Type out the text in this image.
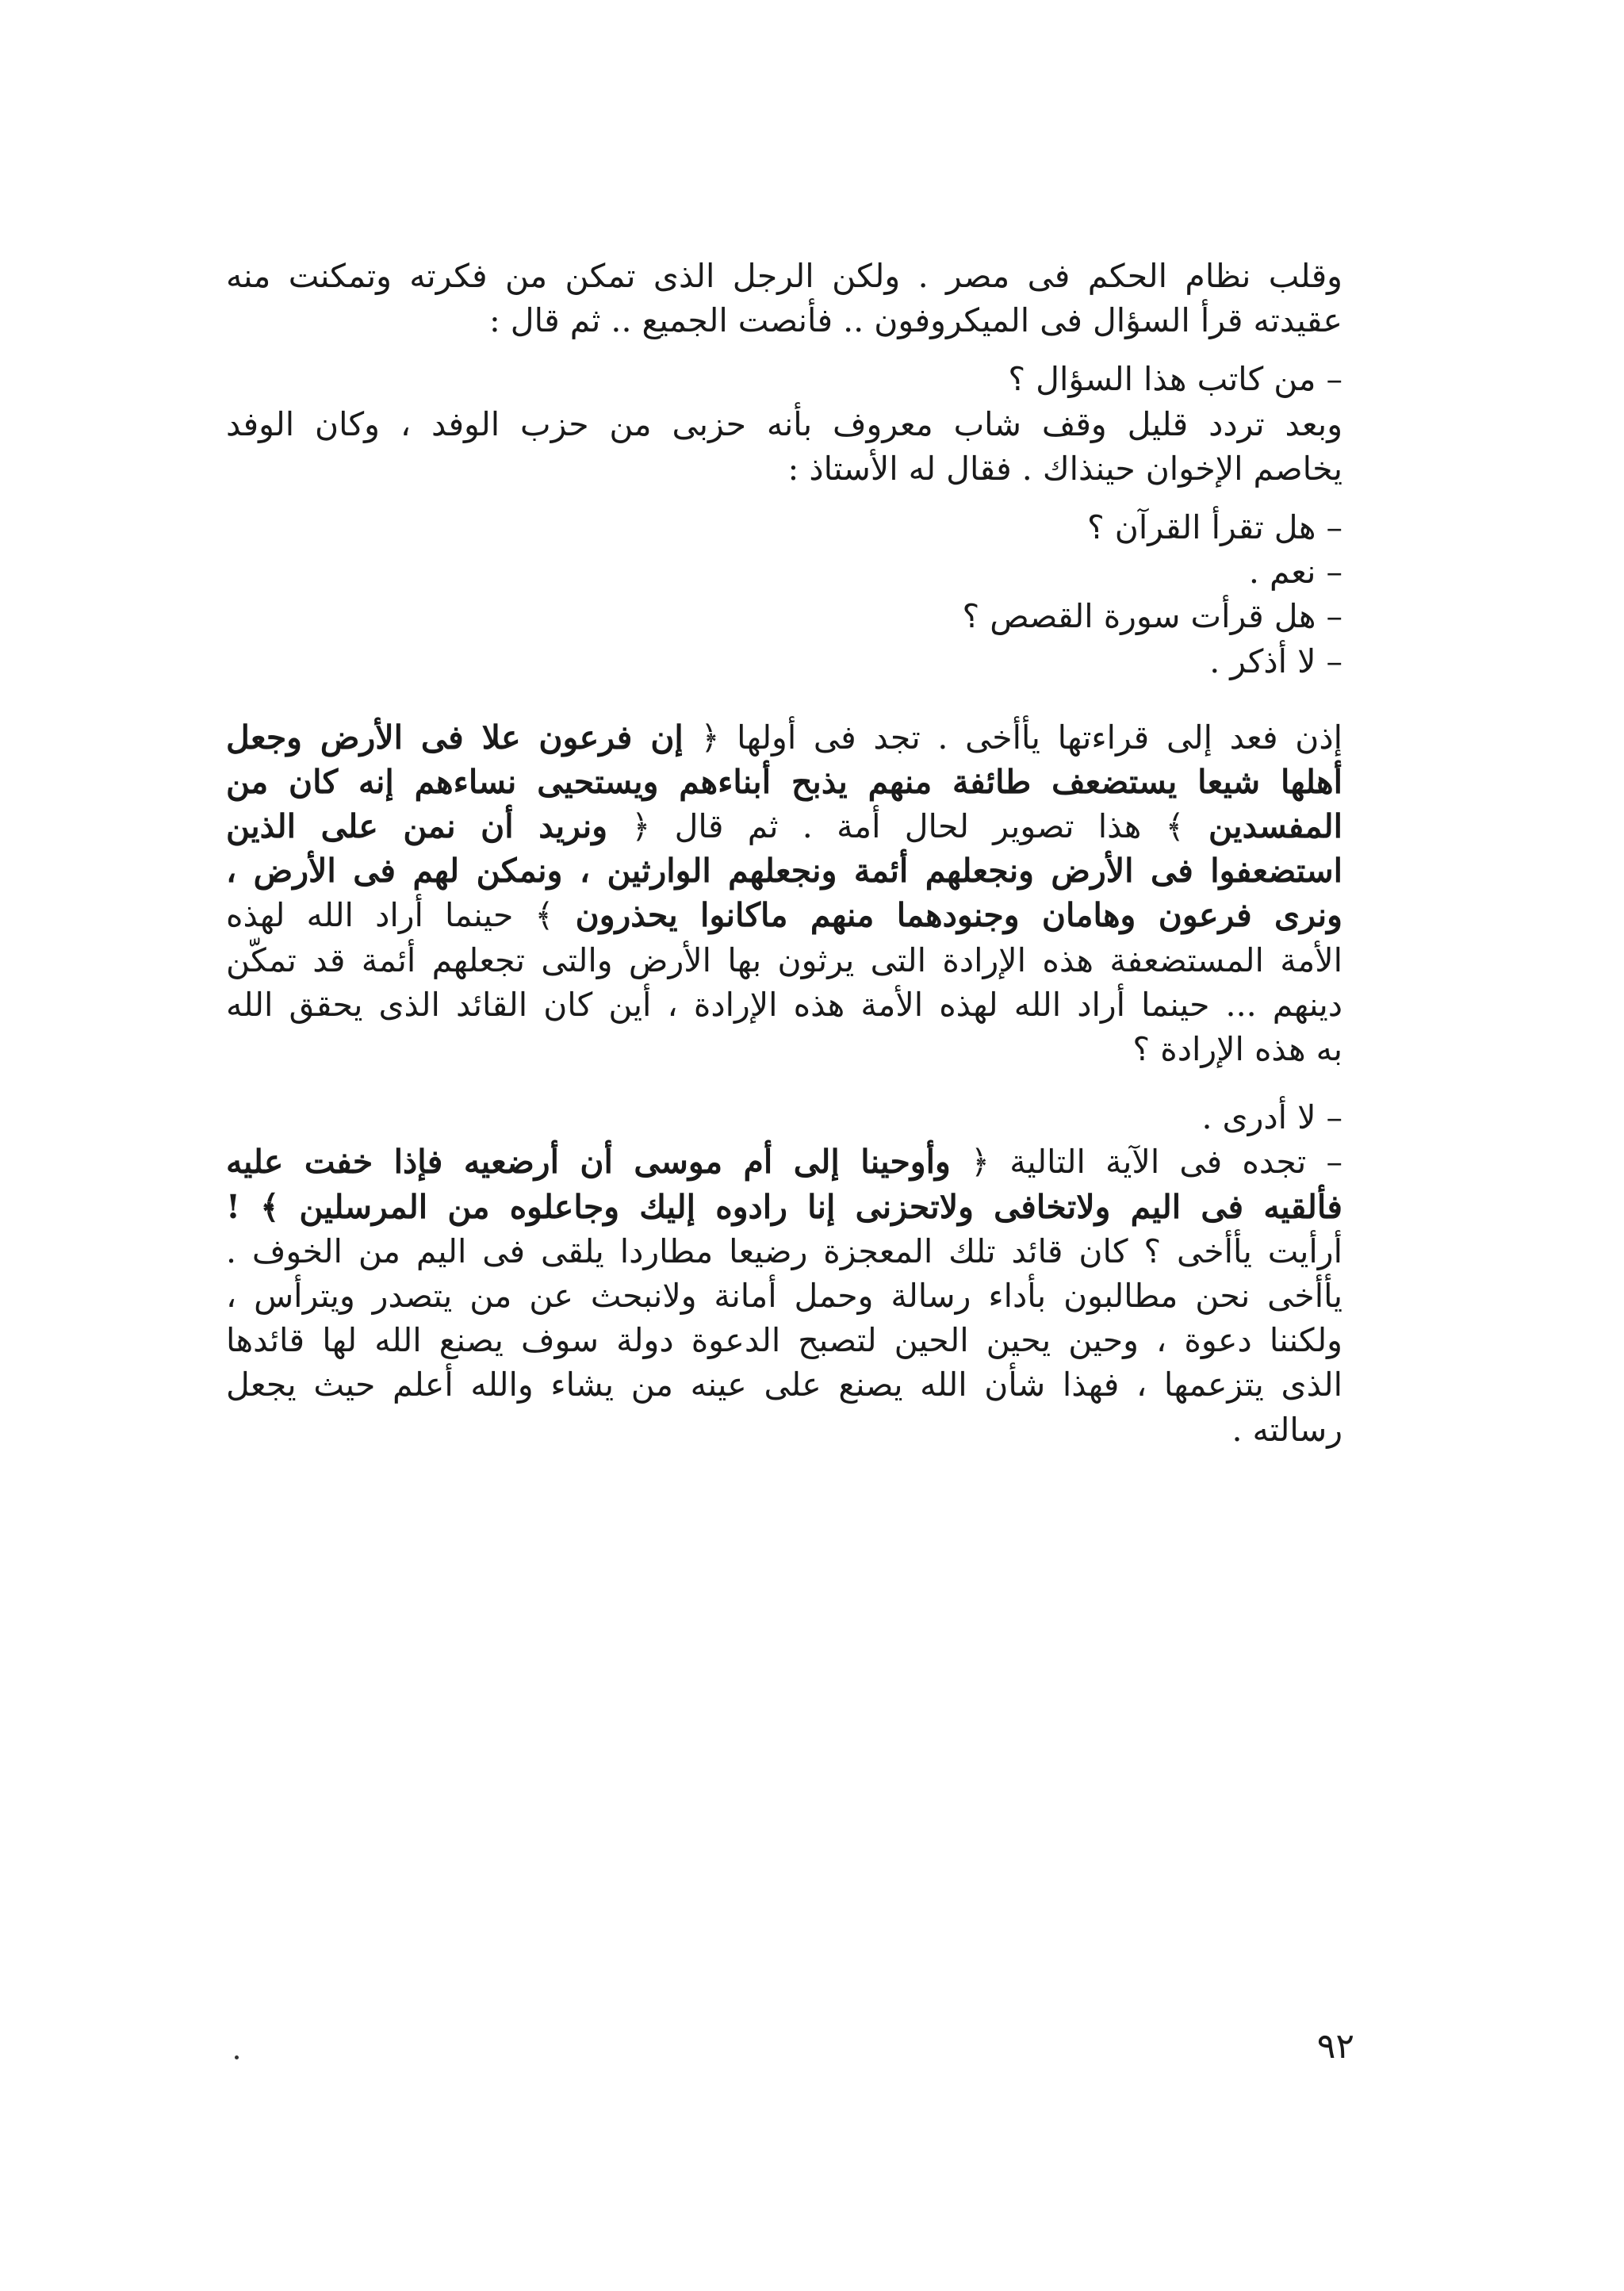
وقلب نظام الحكم فى مصر . ولكن الرجل الذى تمكن من فكرته وتمكنت منه
عقيدته قرأ السؤال فى الميكروفون .. فأنصت الجميع .. ثم قال :
– من كاتب هذا السؤال ؟
وبعد تردد قليل وقف شاب معروف بأنه حزبى من حزب الوفد ، وكان الوفد
يخاصم الإخوان حينذاك . فقال له الأستاذ :
– هل تقرأ القرآن ؟
– نعم .
– هل قرأت سورة القصص ؟
– لا أذكر .
إذن فعد إلى قراءتها يأأخى . تجد فى أولها ﴿ إن فرعون علا فى الأرض وجعل
أهلها شيعا يستضعف طائفة منهم يذبح أبناءهم ويستحيى نساءهم إنه كان من
المفسدين ﴾ هذا تصوير لحال أمة . ثم قال ﴿ ونريد أن نمن على الذين
استضعفوا فى الأرض ونجعلهم أئمة ونجعلهم الوارثين ، ونمكن لهم فى الأرض ،
ونرى فرعون وهامان وجنودهما منهم ماكانوا يحذرون ﴾ حينما أراد الله لهذه
الأمة المستضعفة هذه الإرادة التى يرثون بها الأرض والتى تجعلهم أئمة قد تمكّن
دينهم ... حينما أراد الله لهذه الأمة هذه الإرادة ، أين كان القائد الذى يحقق الله
به هذه الإرادة ؟
– لا أدرى .
– تجده فى الآية التالية ﴿ وأوحينا إلى أم موسى أن أرضعيه فإذا خفت عليه
فألقيه فى اليم ولاتخافى ولاتحزنى إنا رادوه إليك وجاعلوه من المرسلين ﴾ !
أرأيت يأأخى ؟ كان قائد تلك المعجزة رضيعا مطاردا يلقى فى اليم من الخوف .
يأأخى نحن مطالبون بأداء رسالة وحمل أمانة ولانبحث عن من يتصدر ويترأس ،
ولكننا دعوة ، وحين يحين الحين لتصبح الدعوة دولة سوف يصنع الله لها قائدها
الذى يتزعمها ، فهذا شأن الله يصنع على عينه من يشاء والله أعلم حيث يجعل
رسالته .
٩٢
